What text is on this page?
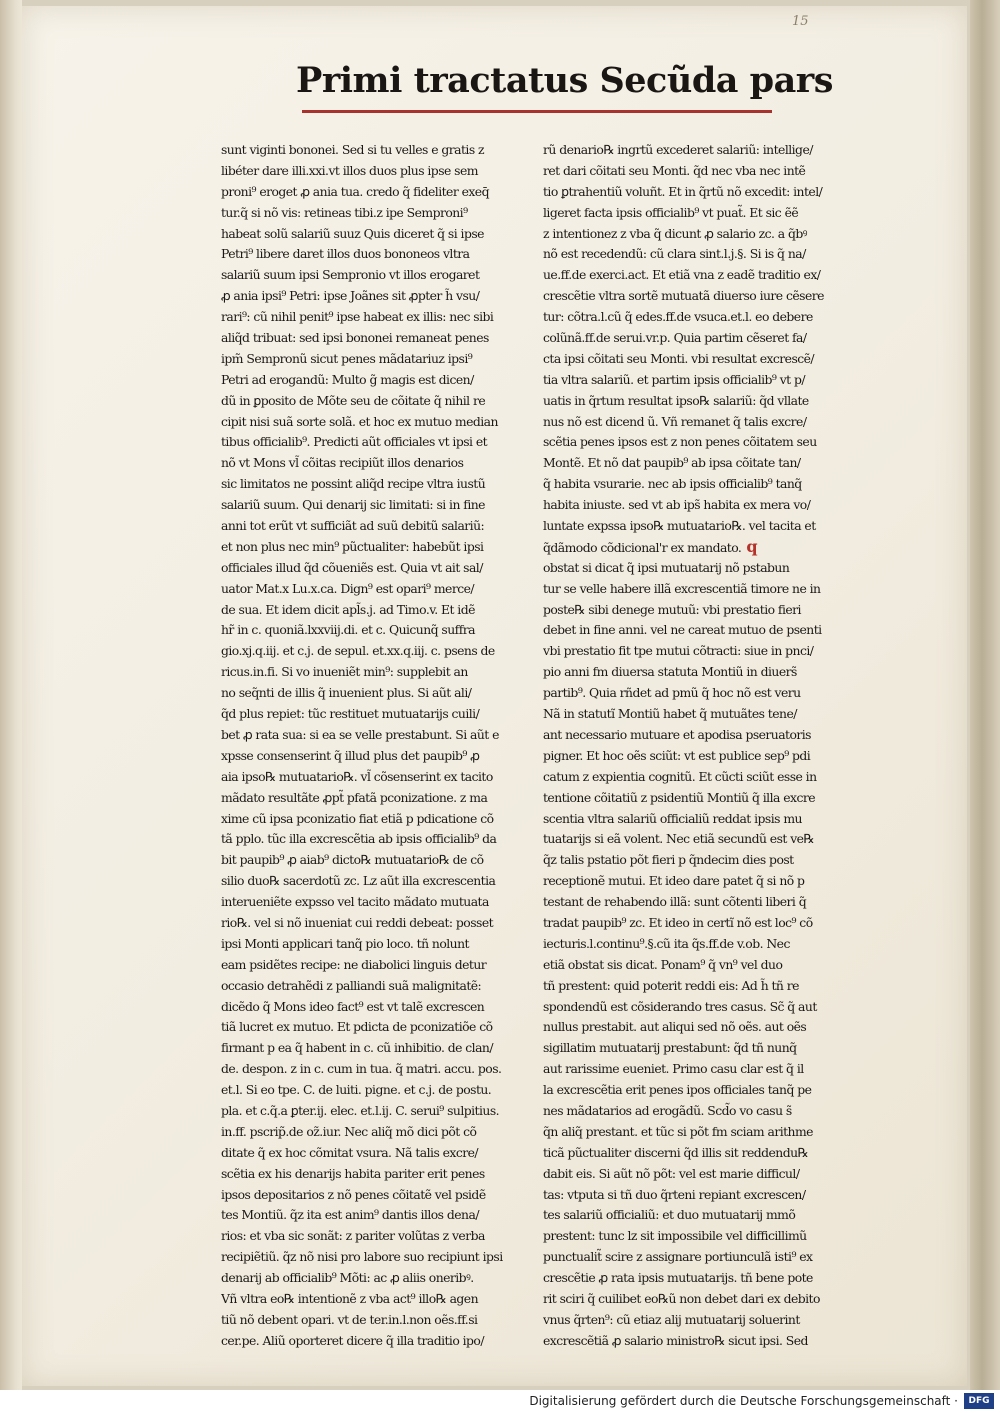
15
Primi tractatus Secũda pars
sunt viginti bononei. Sed si tu velles e gratis z
libéter dare illi.xxi.vt illos duos plus ipse sem
proni⁹ eroget ꝓ ania tua. credo q̃ fideliter exeq̄
tur.q̃ si nõ vis: retineas tibi.z ipe Semproni⁹
habeat solũ salariũ suuz Quis diceret q̃ si ipse
Petri⁹ libere daret illos duos bononeos vltra
salariũ suum ipsi Sempronio vt illos erogaret
ꝓ ania ipsi⁹ Petri: ipse Joãnes sit ꝓpter h̃ vsu/
rari⁹: cũ nihil penit⁹ ipse habeat ex illis: nec sibi
aliq̃d tribuat: sed ipsi bononei remaneat penes
ipm̃ Sempronũ sicut penes mãdatariuz ipsi⁹
Petri ad erogandũ: Multo g̃ magis est dicen/
dũ in ꝑposito de Mõte seu de cõitate q̃ nihil re
cipit nisi suã sorte solã. et hoc ex mutuo median
tibus officialib⁹. Predicti aũt officiales vt ipsi et
nõ vt Mons vl̃ cõitas recipiũt illos denarios
sic limitatos ne possint aliq̃d recipe vltra iustũ
salariũ suum. Qui denarij sic limitati: si in fine
anni tot erũt vt sufficiãt ad suũ debitũ salariũ:
et non plus nec min⁹ pũctualiter: habebũt ipsi
officiales illud q̃d cõueniẽs est. Quia vt ait sal/
uator Mat.x Lu.x.ca. Dign⁹ est opari⁹ merce/
de sua. Et idem dicit apl̃s.j. ad Timo.v. Et idẽ
hr̃ in c. quoniã.lxxviij.di. et c. Quicunq̃ suffra
gio.xj.q.iij. et c.j. de sepul. et.xx.q.iij. c. psens de
ricus.in.fi. Si vo inueniẽt min⁹: supplebit an
no seq̃nti de illis q̃ inuenient plus. Si aũt ali/
q̃d plus repiet: tũc restituet mutuatarijs cuili/
bet ꝓ rata sua: si ea se velle prestabunt. Si aũt e
xpsse consenserint q̃ illud plus det paupib⁹ ꝓ
aia ipso℞ mutuatario℞. vl̃ cõsenserint ex tacito
mãdato resultãte ꝓpt̃ pfatã pconizatione. z ma
xime cũ ipsa pconizatio fiat etiã p pdicatione cõ
tã pplo. tũc illa excrescẽtia ab ipsis officialib⁹ da
bit paupib⁹ ꝓ aiab⁹ dicto℞ mutuatario℞ de cõ
silio duo℞ sacerdotũ zc. Lz aũt illa excrescentia
interueniẽte expsso vel tacito mãdato mutuata
rio℞. vel si nõ inueniat cui reddi debeat: posset
ipsi Monti applicari tanq̃ pio loco. tñ nolunt
eam psidẽtes recipe: ne diabolici linguis detur
occasio detrahẽdi z palliandi suã malignitatẽ:
dicẽdo q̃ Mons ideo fact⁹ est vt talẽ excrescen
tiã lucret ex mutuo. Et pdicta de pconizatiõe cõ
firmant p ea q̃ habent in c. cũ inhibitio. de clan/
de. despon. z in c. cum in tua. q̃ matri. accu. pos.
et.l. Si eo tpe. C. de luiti. pigne. et c.j. de postu.
pla. et c.q̃.a ꝑter.ij. elec. et.l.ij. C. serui⁹ sulpitius.
in.ff. pscrip̃.de oz̃.iur. Nec aliq̃ mõ dici põt cõ
ditate q̃ ex hoc cõmitat vsura. Nã talis excre/
scẽtia ex his denarijs habita pariter erit penes
ipsos depositarios z nõ penes cõitatẽ vel psidẽ
tes Montiũ. q̃z ita est anim⁹ dantis illos dena/
rios: et vba sic sonãt: z pariter volũtas z verba
recipiẽtiũ. q̃z nõ nisi pro labore suo recipiunt ipsi
denarij ab officialib⁹ Mõti: ac ꝓ aliis oneribꝰ.
Vñ vltra eo℞ intentionẽ z vba act⁹ illo℞ agen
tiũ nõ debent opari. vt de ter.in.l.non oẽs.ff.si
cer.pe. Aliũ oporteret dicere q̃ illa traditio ipo/
rũ denario℞ ingrtũ excederet salariũ: intellige/
ret dari cõitati seu Monti. q̃d nec vba nec intẽ
tio ꝑtrahentiũ voluñt. Et in q̃rtũ nõ excedit: intel/
ligeret facta ipsis officialib⁹ vt puat̃. Et sic ẽẽ
z intentionez z vba q̃ dicunt ꝓ salario zc. a q̃bꝰ
nõ est recedendũ: cũ clara sint.l.j.§. Si is q̃ na/
ue.ff.de exerci.act. Et etiã vna z eadẽ traditio ex/
crescẽtie vltra sortẽ mutuatã diuerso iure cẽsere
tur: cõtra.l.cũ q̃ edes.ff.de vsuca.et.l. eo debere
colũnã.ff.de serui.vr.p. Quia partim cẽseret fa/
cta ipsi cõitati seu Monti. vbi resultat excrescẽ/
tia vltra salariũ. et partim ipsis officialib⁹ vt p/
uatis in q̃rtum resultat ipso℞ salariũ: q̃d vllate
nus nõ est dicend ũ. Vñ remanet q̃ talis excre/
scẽtia penes ipsos est z non penes cõitatem seu
Montẽ. Et nõ dat paupib⁹ ab ipsa cõitate tan/
q̃ habita vsurarie. nec ab ipsis officialib⁹ tanq̃
habita iniuste. sed vt ab ips̃ habita ex mera vo/
luntate expssa ipso℞ mutuatario℞. vel tacita et
q̃dãmodo cõdicional'r ex mandato. q
obstat si dicat q̃ ipsi mutuatarij nõ pstabun
tur se velle habere illã excrescentiã timore ne in
poste℞ sibi denege mutuũ: vbi prestatio fieri
debet in fine anni. vel ne careat mutuo de psenti
vbi prestatio fit tpe mutui cõtracti: siue in pnci/
pio anni fm diuersa statuta Montiũ in diuers̃
partib⁹. Quia rñdet ad pmũ q̃ hoc nõ est veru
Nã in statutĩ Montiũ habet q̃ mutuãtes tene/
ant necessario mutuare et apodisa pseruatoris
pigner. Et hoc oẽs sciũt: vt est publice sep⁹ pdi
catum z expientia cognitũ. Et cũcti sciũt esse in
tentione cõitatiũ z psidentiũ Montiũ q̃ illa excre
scentia vltra salariũ officialiũ reddat ipsis mu
tuatarijs si eã volent. Nec etiã secundũ est ve℞
q̃z talis pstatio põt fieri p q̃ndecim dies post
receptionẽ mutui. Et ideo dare patet q̃ si nõ p
testant de rehabendo illã: sunt cõtenti liberi q̃
tradat paupib⁹ zc. Et ideo in certĩ nõ est loc⁹ cõ
iecturis.l.continu⁹.§.cũ ita q̃s.ff.de v.ob. Nec
etiã obstat sis dicat. Ponam⁹ q̃ vn⁹ vel duo
tñ prestent: quid poterit reddi eis: Ad h̃ tñ re
spondendũ est cõsiderando tres casus. Sc̃ q̃ aut
nullus prestabit. aut aliqui sed nõ oẽs. aut oẽs
sigillatim mutuatarij prestabunt: q̃d tñ nunq̃
aut rarissime eueniet. Primo casu clar est q̃ il
la excrescẽtia erit penes ipos officiales tanq̃ pe
nes mãdatarios ad erogãdũ. Scd̃o vo casu s̃
q̃n aliq̃ prestant. et tũc si põt fm sciam arithme
ticã pũctualiter discerni q̃d illis sit reddendu℞
dabit eis. Si aũt nõ põt: vel est marie difficul/
tas: vtputa si tñ duo q̃rteni repiant excrescen/
tes salariũ officialiũ: et duo mutuatarij mmõ
prestent: tunc lz sit impossibile vel difficillimũ
punctualit̃ scire z assignare portiunculã isti⁹ ex
crescẽtie ꝓ rata ipsis mutuatarijs. tñ bene pote
rit sciri q̃ cuilibet eo℞ũ non debet dari ex debito
vnus q̃rten⁹: cũ etiaz alij mutuatarij soluerint
excrescẽtiã ꝓ salario ministro℞ sicut ipsi. Sed
Digitalisierung gefördert durch die Deutsche Forschungsgemeinschaft ·	DFG
